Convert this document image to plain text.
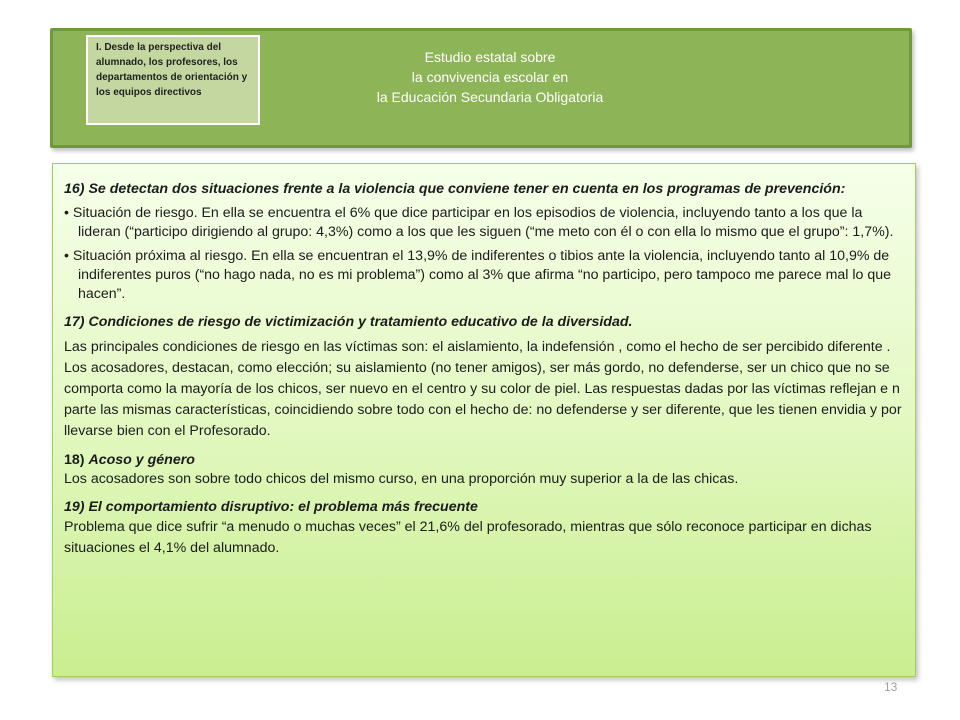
I. Desde la perspectiva del alumnado, los profesores, los departamentos de orientación y los equipos directivos
Estudio estatal sobre
la convivencia escolar en
la Educación Secundaria Obligatoria

16) Se detectan dos situaciones frente a la violencia que conviene tener en cuenta en los programas de prevención:

• Situación de riesgo. En ella se encuentra el 6% que dice participar en los episodios de violencia, incluyendo tanto a los que la lideran (“participo dirigiendo al grupo: 4,3%) como a los que les siguen (“me meto con él o con ella lo mismo que el grupo”: 1,7%).

• Situación próxima al riesgo. En ella se encuentran el 13,9% de indiferentes o tibios ante la violencia, incluyendo tanto al 10,9% de indiferentes puros (“no hago nada, no es mi problema”) como al 3% que afirma “no participo, pero tampoco me parece mal lo que hacen”.

17) Condiciones de riesgo de victimización y tratamiento educativo de la diversidad.

Las principales condiciones de riesgo en las víctimas son: el aislamiento, la indefensión , como el hecho de ser percibido diferente . Los acosadores, destacan, como elección; su aislamiento (no tener amigos), ser más gordo, no defenderse, ser un chico que no se comporta como la mayoría de los chicos, ser nuevo en el centro y su color de piel. Las respuestas dadas por las víctimas reflejan e n parte las mismas características, coincidiendo sobre todo con el hecho de: no defenderse y ser diferente, que les tienen envidia y por llevarse bien con el Profesorado.

18) Acoso y género

Los acosadores son sobre todo chicos del mismo curso, en una proporción muy superior a la de las chicas.

19) El comportamiento disruptivo: el problema más frecuente

Problema que dice sufrir “a menudo o muchas veces” el 21,6% del profesorado, mientras que sólo reconoce participar en dichas situaciones el 4,1% del alumnado.

13
